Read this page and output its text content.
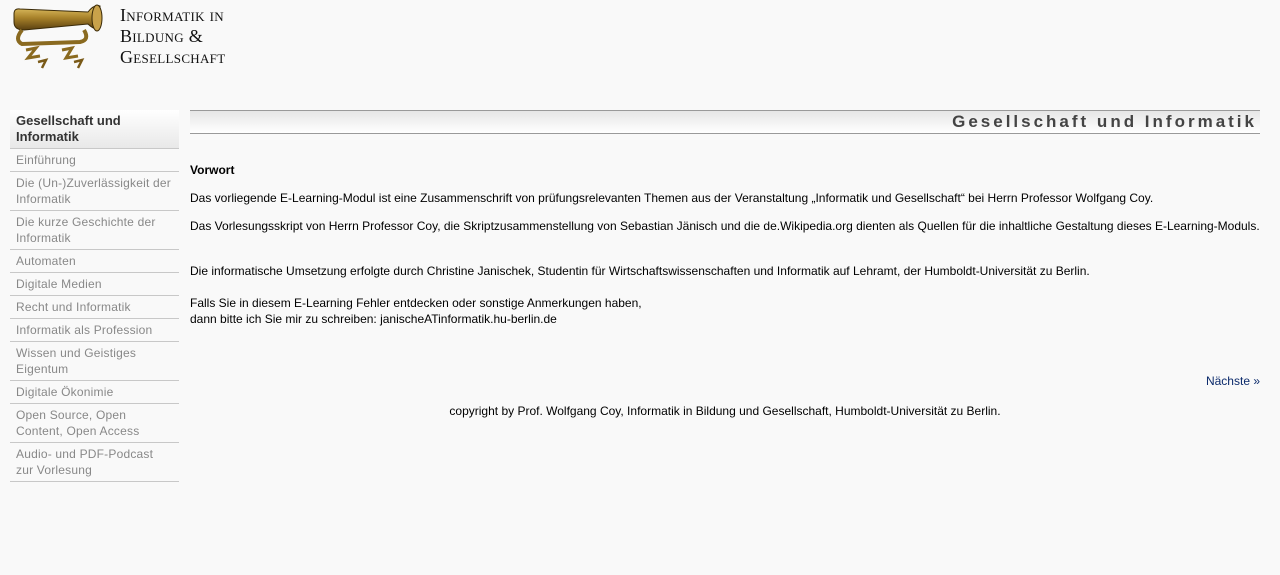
Informatik in
Bildung &
Gesellschaft
Gesellschaft und Informatik
Einführung
Die (Un-)Zuverlässigkeit der Informatik
Die kurze Geschichte der Informatik
Automaten
Digitale Medien
Recht und Informatik
Informatik als Profession
Wissen und Geistiges Eigentum
Digitale Ökonimie
Open Source, Open Content, Open Access
Audio- und PDF-Podcast zur Vorlesung
Gesellschaft und Informatik
Vorwort

Das vorliegende E-Learning-Modul ist eine Zusammenschrift von prüfungsrelevanten Themen aus der Veranstaltung „Informatik und Gesellschaft“ bei Herrn Professor Wolfgang Coy.

Das Vorlesungsskript von Herrn Professor Coy, die Skriptzusammenstellung von Sebastian Jänisch und die de.Wikipedia.org dienten als Quellen für die inhaltliche Gestaltung dieses E-Learning-Moduls.

Die informatische Umsetzung erfolgte durch Christine Janischek, Studentin für Wirtschaftswissenschaften und Informatik auf Lehramt, der Humboldt-Universität zu Berlin.

Falls Sie in diesem E-Learning Fehler entdecken oder sonstige Anmerkungen haben,

dann bitte ich Sie mir zu schreiben: janischeATinformatik.hu-berlin.de

Nächste »
copyright by Prof. Wolfgang Coy, Informatik in Bildung und Gesellschaft, Humboldt-Universität zu Berlin.
